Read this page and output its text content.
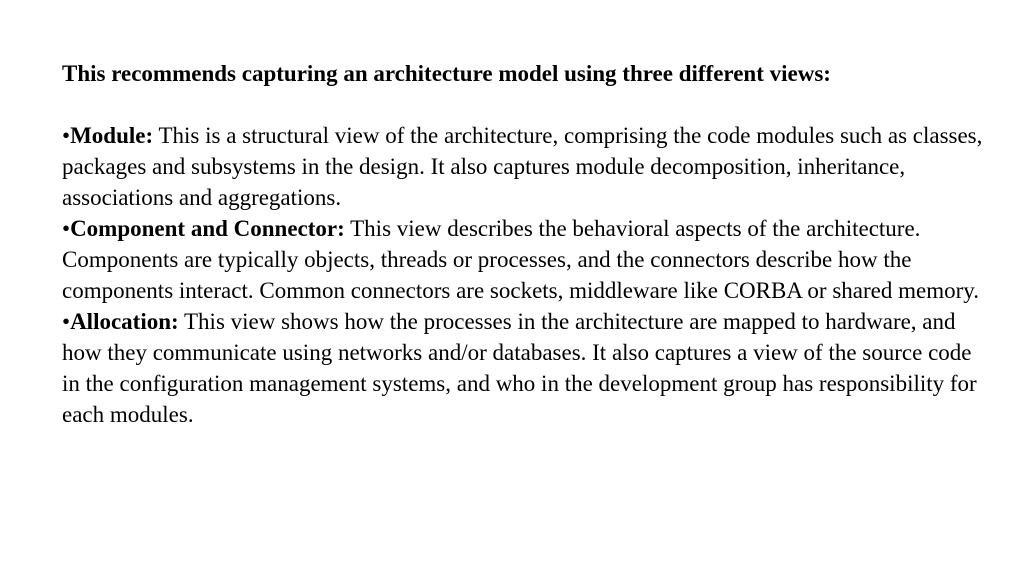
This recommends capturing an architecture model using three different views:

•Module: This is a structural view of the architecture, comprising the code modules such as classes, packages and subsystems in the design. It also captures module decomposition, inheritance, associations and aggregations.

•Component and Connector: This view describes the behavioral aspects of the architecture. Components are typically objects, threads or processes, and the connectors describe how the components interact. Common connectors are sockets, middleware like CORBA or shared memory.

•Allocation: This view shows how the processes in the architecture are mapped to hardware, and how they communicate using networks and/or databases. It also captures a view of the source code in the configuration management systems, and who in the development group has responsibility for each modules.
